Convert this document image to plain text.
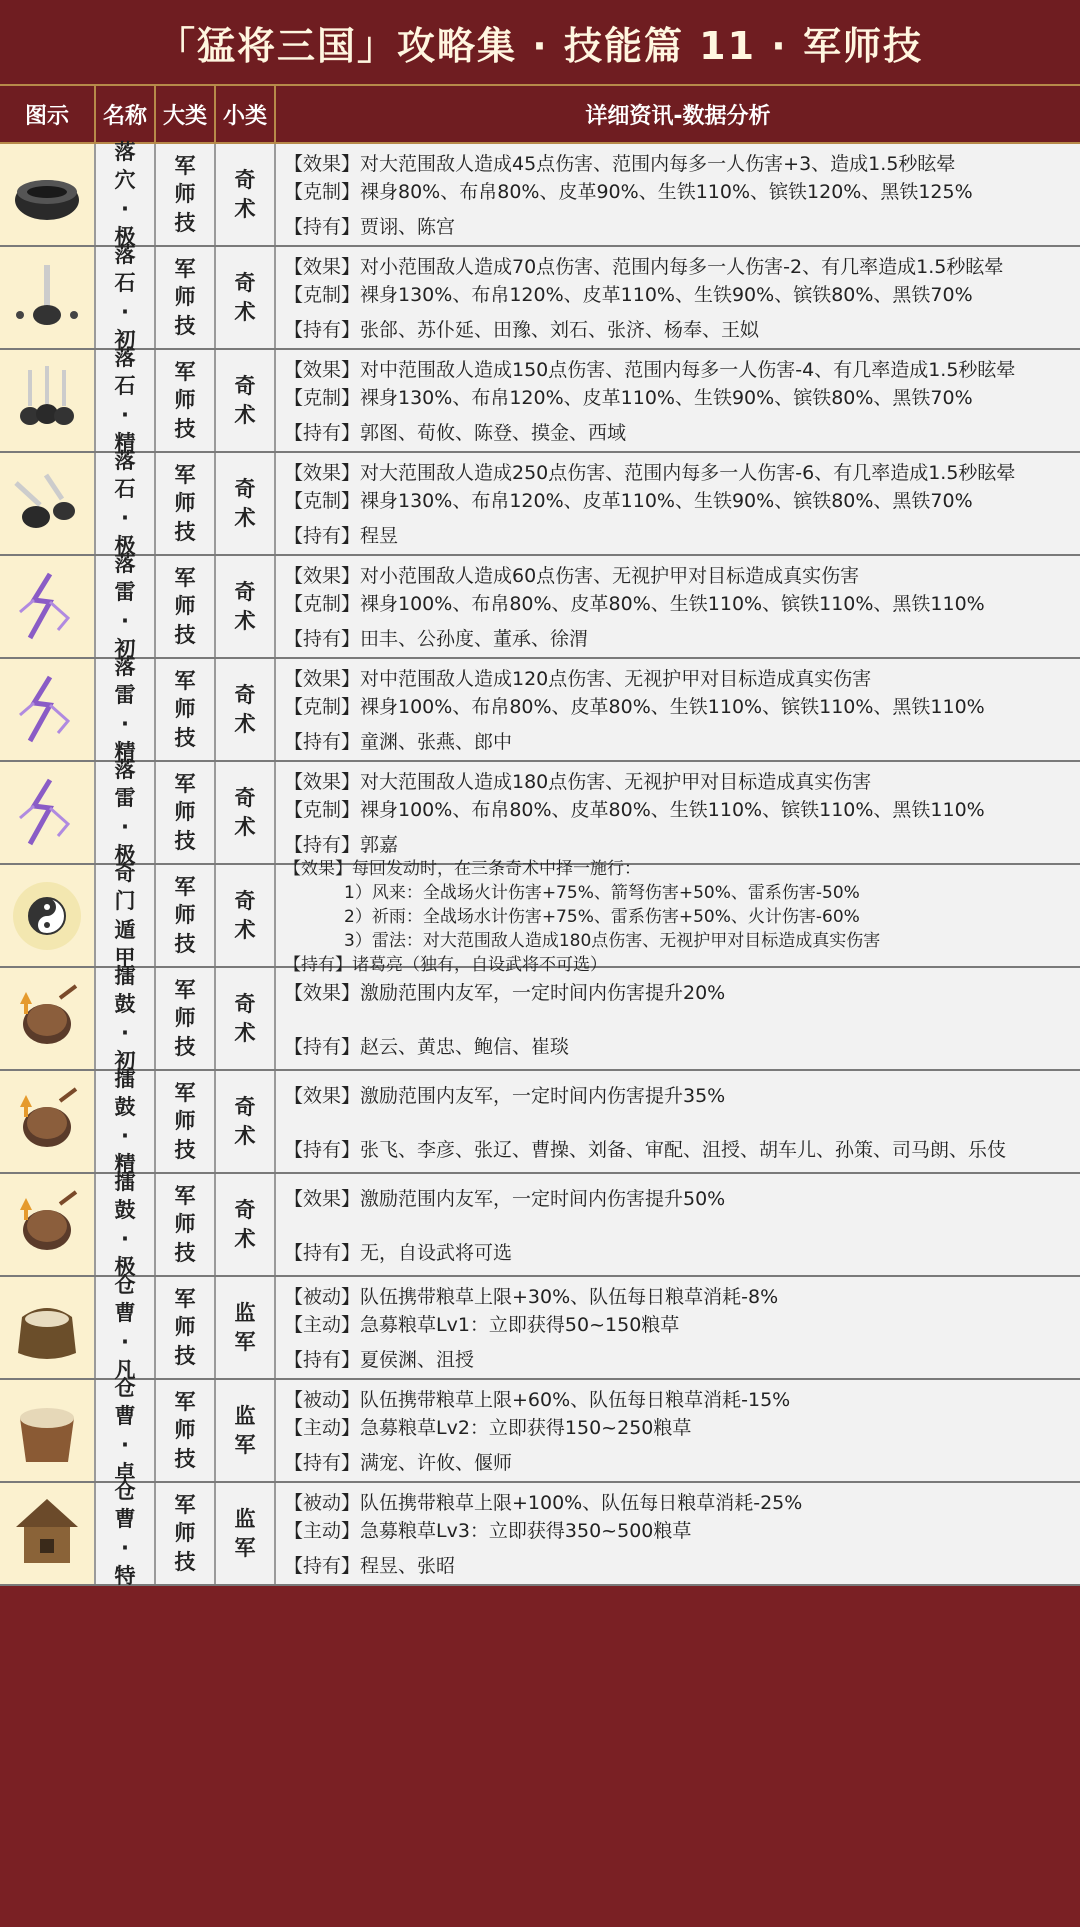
「猛将三国」攻略集 · 技能篇 11 · 军师技
图示	名称 大类 小类	详细资讯-数据分析
落
穴
·
极
军
师
技
奇
术
【效果】对大范围敌人造成45点伤害、范围内每多一人伤害+3、造成1.5秒眩晕
【克制】裸身80%、布帛80%、皮革90%、生铁110%、镔铁120%、黑铁125%
【持有】贾诩、陈宫
落
石
·
初
军
师
技
奇
术
【效果】对小范围敌人造成70点伤害、范围内每多一人伤害-2、有几率造成1.5秒眩晕
【克制】裸身130%、布帛120%、皮革110%、生铁90%、镔铁80%、黑铁70%
【持有】张郃、苏仆延、田豫、刘石、张济、杨奉、王姒
落
石
·
精
军
师
技
奇
术
【效果】对中范围敌人造成150点伤害、范围内每多一人伤害-4、有几率造成1.5秒眩晕
【克制】裸身130%、布帛120%、皮革110%、生铁90%、镔铁80%、黑铁70%
【持有】郭图、荀攸、陈登、摸金、西域
落
石
·
极
军
师
技
奇
术
【效果】对大范围敌人造成250点伤害、范围内每多一人伤害-6、有几率造成1.5秒眩晕
【克制】裸身130%、布帛120%、皮革110%、生铁90%、镔铁80%、黑铁70%
【持有】程昱
落
雷
·
初
军
师
技
奇
术
【效果】对小范围敌人造成60点伤害、无视护甲对目标造成真实伤害
【克制】裸身100%、布帛80%、皮革80%、生铁110%、镔铁110%、黑铁110%
【持有】田丰、公孙度、董承、徐渭
落
雷
·
精
军
师
技
奇
术
【效果】对中范围敌人造成120点伤害、无视护甲对目标造成真实伤害
【克制】裸身100%、布帛80%、皮革80%、生铁110%、镔铁110%、黑铁110%
【持有】童渊、张燕、郎中
落
雷
·
极
军
师
技
奇
术
【效果】对大范围敌人造成180点伤害、无视护甲对目标造成真实伤害
【克制】裸身100%、布帛80%、皮革80%、生铁110%、镔铁110%、黑铁110%
【持有】郭嘉
奇
门
遁
甲
军
师
技
奇
术
【效果】每回发动时，在三条奇术中择一施行：
1）风来：全战场火计伤害+75%、箭弩伤害+50%、雷系伤害-50%
2）祈雨：全战场水计伤害+75%、雷系伤害+50%、火计伤害-60%
3）雷法：对大范围敌人造成180点伤害、无视护甲对目标造成真实伤害
【持有】诸葛亮（独有，自设武将不可选）
擂
鼓
·
初
军
师
技
奇
术
【效果】激励范围内友军，一定时间内伤害提升20%
【持有】赵云、黄忠、鲍信、崔琰
擂
鼓
·
精
军
师
技
奇
术
【效果】激励范围内友军，一定时间内伤害提升35%
【持有】张飞、李彦、张辽、曹操、刘备、审配、沮授、胡车儿、孙策、司马朗、乐伎
擂
鼓
·
极
军
师
技
奇
术
【效果】激励范围内友军，一定时间内伤害提升50%
【持有】无，自设武将可选
仓
曹
·
凡
军
师
技
监
军
【被动】队伍携带粮草上限+30%、队伍每日粮草消耗-8%
【主动】急募粮草Lv1：立即获得50~150粮草
【持有】夏侯渊、沮授
仓
曹
·
卓
军
师
技
监
军
【被动】队伍携带粮草上限+60%、队伍每日粮草消耗-15%
【主动】急募粮草Lv2：立即获得150~250粮草
【持有】满宠、许攸、偃师
仓
曹
·
特
军
师
技
监
军
【被动】队伍携带粮草上限+100%、队伍每日粮草消耗-25%
【主动】急募粮草Lv3：立即获得350~500粮草
【持有】程昱、张昭
